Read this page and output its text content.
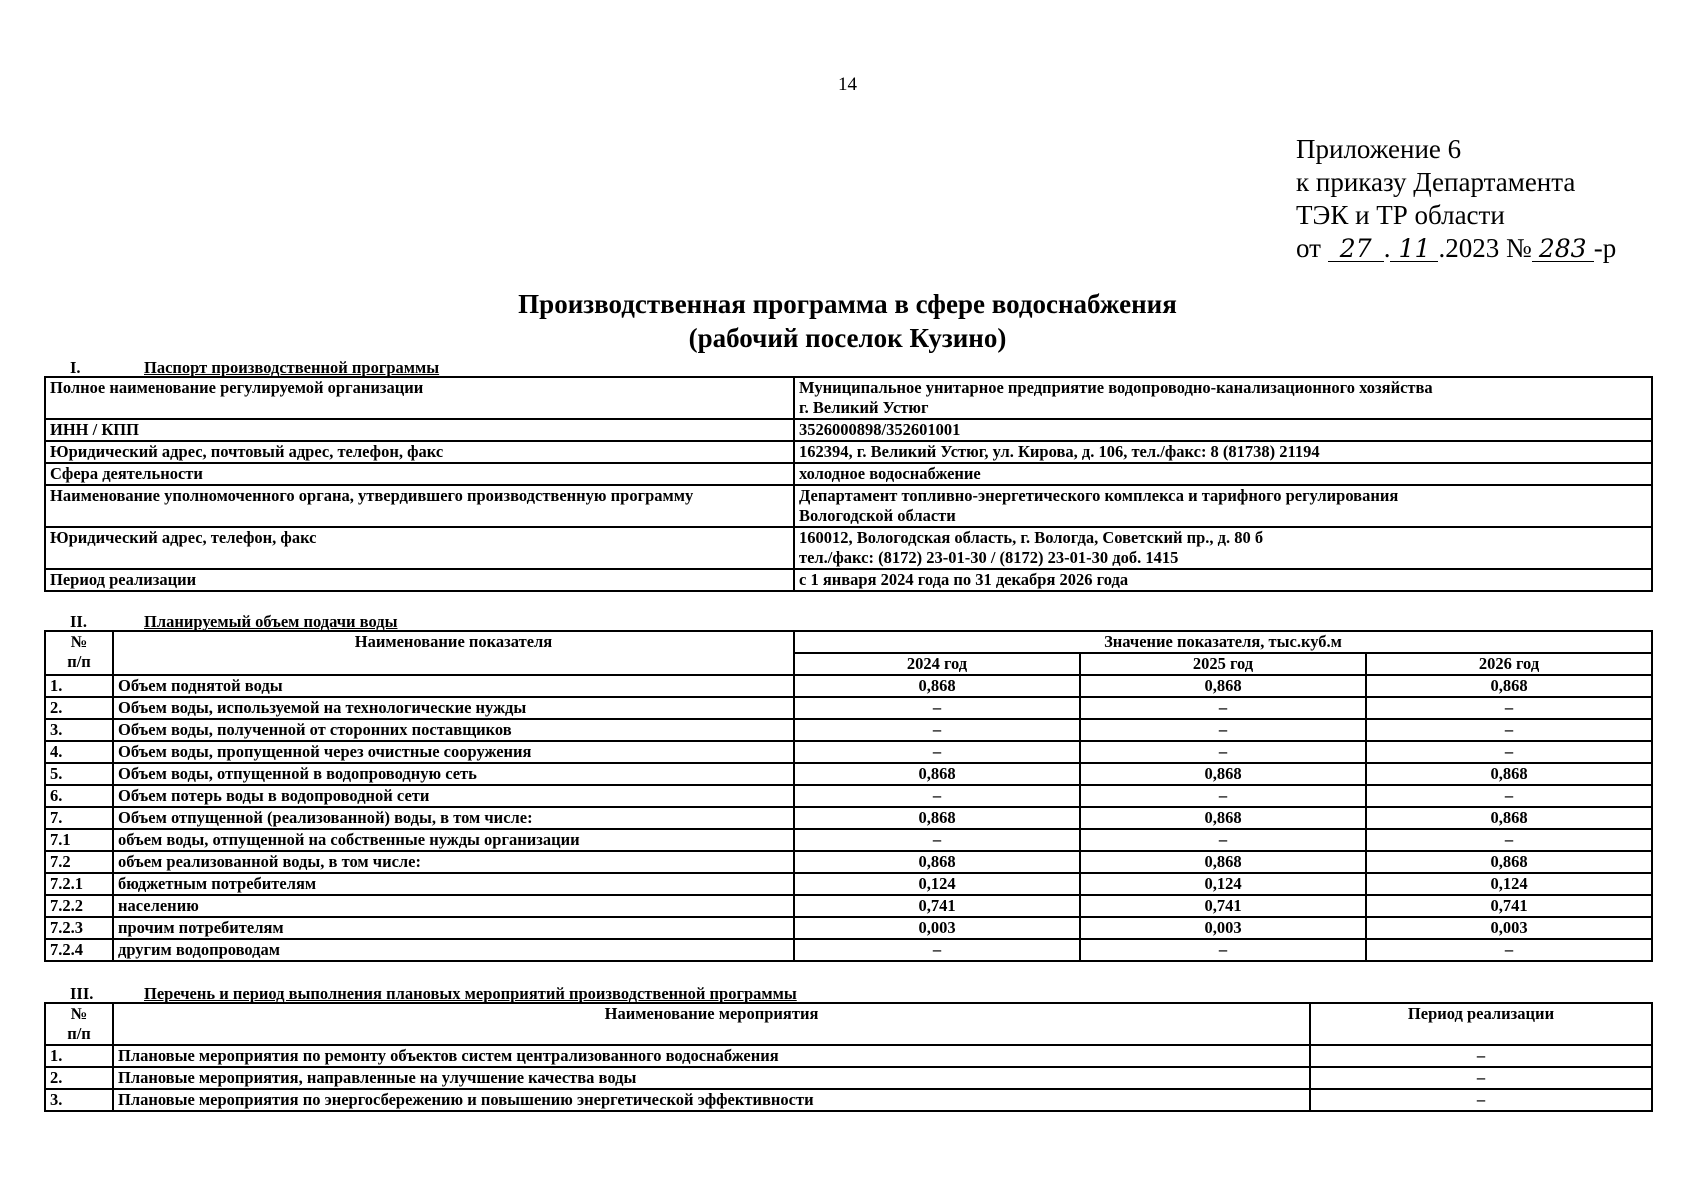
14
Приложение 6
к приказу Департамента
ТЭК и ТР области
от 27 . 11 .2023 № 283 -р
Производственная программа в сфере водоснабжения
(рабочий поселок Кузино)
I.	Паспорт производственной программы
Полное наименование регулируемой организации	Муниципальное унитарное предприятие водопроводно-канализационного хозяйства
г. Великий Устюг

ИНН / КПП	3526000898/352601001
Юридический адрес, почтовый адрес, телефон, факс	162394, г. Великий Устюг, ул. Кирова, д. 106, тел./факс: 8 (81738) 21194
Сфера деятельности	холодное водоснабжение
Наименование уполномоченного органа, утвердившего производственную программу	Департамент топливно-энергетического комплекса и тарифного регулирования
Вологодской области

Юридический адрес, телефон, факс	160012, Вологодская область, г. Вологда, Советский пр., д. 80 б
тел./факс: (8172) 23-01-30 / (8172) 23-01-30 доб. 1415

Период реализации	с 1 января 2024 года по 31 декабря 2026 года
II.	Планируемый объем подачи воды
№
п/п	Наименование показателя	Значение показателя, тыс.куб.м		
		2024 год	2025 год	2026 год
1.	Объем поднятой воды	0,868	0,868	0,868
2.	Объем воды, используемой на технологические нужды	–	–	–
3.	Объем воды, полученной от сторонних поставщиков	–	–	–
4.	Объем воды, пропущенной через очистные сооружения	–	–	–
5.	Объем воды, отпущенной в водопроводную сеть	0,868	0,868	0,868
6.	Объем потерь воды в водопроводной сети	–	–	–
7.	Объем отпущенной (реализованной) воды, в том числе:	0,868	0,868	0,868
7.1	объем воды, отпущенной на собственные нужды организации	–	–	–
7.2	объем реализованной воды, в том числе:	0,868	0,868	0,868
7.2.1	бюджетным потребителям	0,124	0,124	0,124
7.2.2	населению	0,741	0,741	0,741
7.2.3	прочим потребителям	0,003	0,003	0,003
7.2.4	другим водопроводам	–	–	–
III.	Перечень и период выполнения плановых мероприятий производственной программы
№
п/п	Наименование мероприятия	Период реализации
1.	Плановые мероприятия по ремонту объектов систем централизованного водоснабжения	–
2.	Плановые мероприятия, направленные на улучшение качества воды	–
3.	Плановые мероприятия по энергосбережению и повышению энергетической эффективности	–
